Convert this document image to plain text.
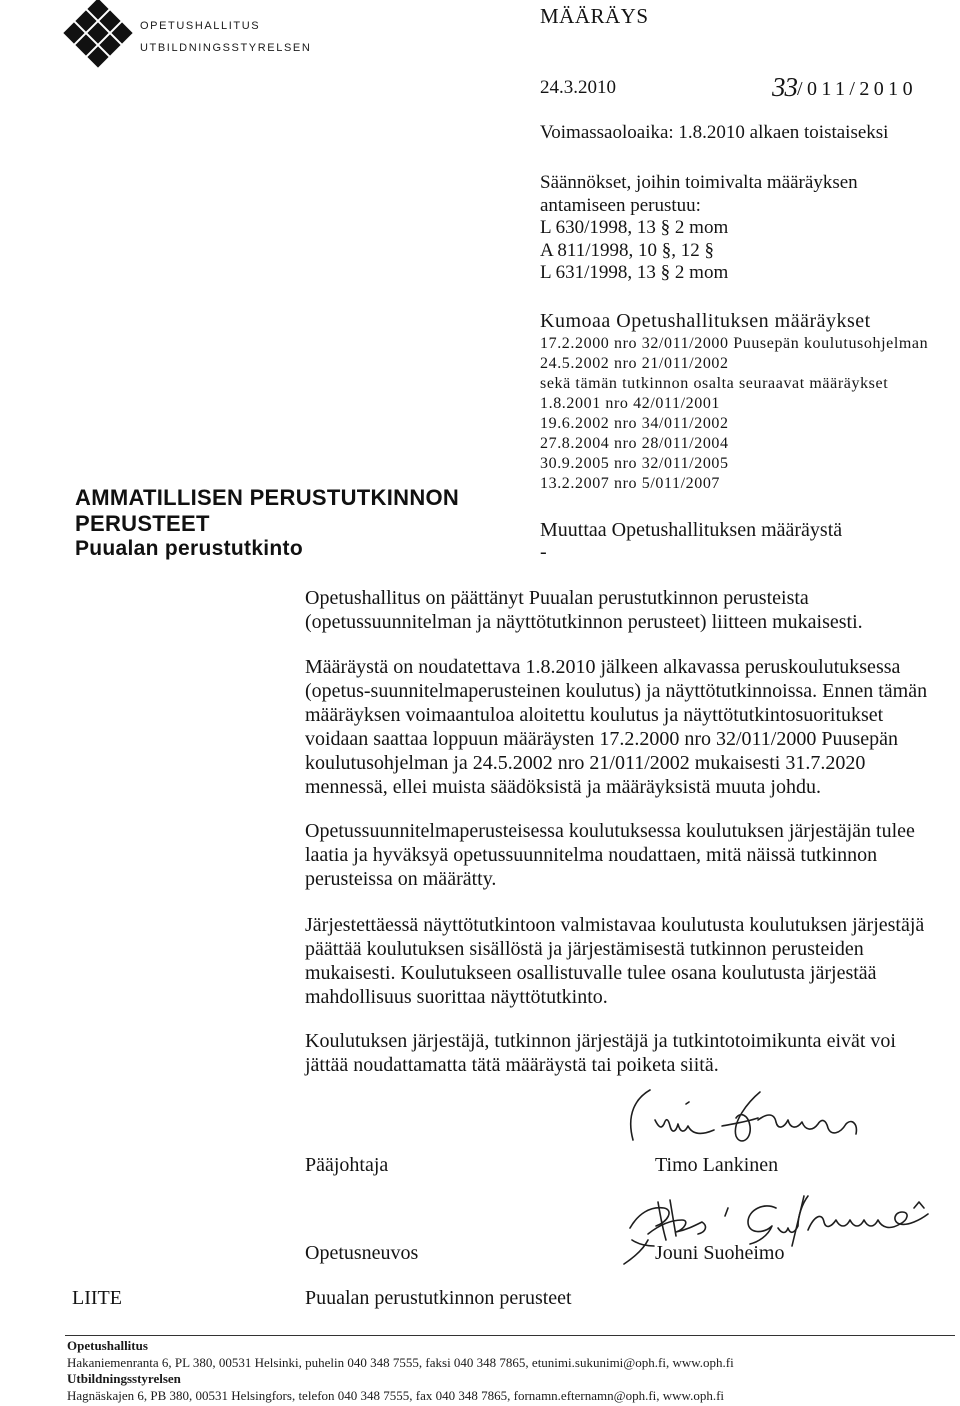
OPETUSHALLITUS
UTBILDNINGSSTYRELSEN
MÄÄRÄYS
24.3.2010	33/011/2010
Voimassaoloaika: 1.8.2010 alkaen toistaiseksi
Säännökset, joihin toimivalta määräyksen
antamiseen perustuu:
L 630/1998, 13 § 2 mom
A 811/1998, 10 §, 12 §
L 631/1998, 13 § 2 mom
Kumoaa Opetushallituksen määräykset
17.2.2000 nro 32/011/2000 Puusepän koulutusohjelman
24.5.2002 nro 21/011/2002
sekä tämän tutkinnon osalta seuraavat määräykset
1.8.2001 nro 42/011/2001
19.6.2002 nro 34/011/2002
27.8.2004 nro 28/011/2004
30.9.2005 nro 32/011/2005
13.2.2007 nro 5/011/2007
Muuttaa Opetushallituksen määräystä
-
AMMATILLISEN PERUSTUTKINNON
PERUSTEET
Puualan perustutkinto
Opetushallitus on päättänyt Puualan perustutkinnon perusteista
(opetussuunnitelman ja näyttötutkinnon perusteet) liitteen mukaisesti.
Määräystä on noudatettava 1.8.2010 jälkeen alkavassa peruskoulutuksessa
(opetus-suunnitelmaperusteinen koulutus) ja näyttötutkinnoissa. Ennen tämän
määräyksen voimaantuloa aloitettu koulutus ja näyttötutkintosuoritukset
voidaan saattaa loppuun määräysten 17.2.2000 nro 32/011/2000 Puusepän
koulutusohjelman ja 24.5.2002 nro 21/011/2002 mukaisesti 31.7.2020
mennessä, ellei muista säädöksistä ja määräyksistä muuta johdu.
Opetussuunnitelmaperusteisessa koulutuksessa koulutuksen järjestäjän tulee
laatia ja hyväksyä opetussuunnitelma noudattaen, mitä näissä tutkinnon
perusteissa on määrätty.
Järjestettäessä näyttötutkintoon valmistavaa koulutusta koulutuksen järjestäjä
päättää koulutuksen sisällöstä ja järjestämisestä tutkinnon perusteiden
mukaisesti. Koulutukseen osallistuvalle tulee osana koulutusta järjestää
mahdollisuus suorittaa näyttötutkinto.
Koulutuksen järjestäjä, tutkinnon järjestäjä ja tutkintotoimikunta eivät voi
jättää noudattamatta tätä määräystä tai poiketa siitä.
Pääjohtaja	Timo Lankinen
Opetusneuvos	Jouni Suoheimo
LIITE	Puualan perustutkinnon perusteet
Opetushallitus
Hakaniemenranta 6, PL 380, 00531 Helsinki, puhelin 040 348 7555, faksi 040 348 7865, etunimi.sukunimi@oph.fi, www.oph.fi
Utbildningsstyrelsen
Hagnäskajen 6, PB 380, 00531 Helsingfors, telefon 040 348 7555, fax 040 348 7865, fornamn.efternamn@oph.fi, www.oph.fi
